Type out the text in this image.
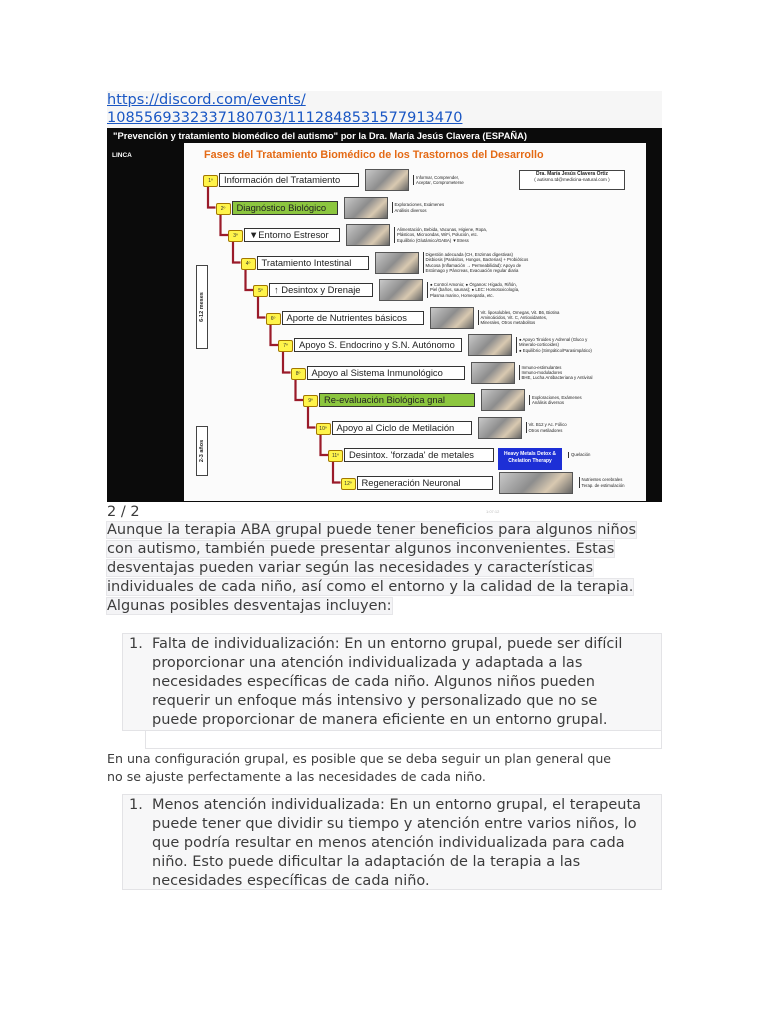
https://discord.com/events/
1085569332337180703/1112848531577913470
"Prevención y tratamiento biomédico del autismo" por la Dra. María Jesús Clavera (ESPAÑA)
LINCA	Fases del Tratamiento Biomédico de los Trastornos del Desarrollo
Dra. María Jesús Clavera Ortiz
( autismo.td@medicina-natural.com )
6-12 meses
2-3 años
1º	Información del Tratamiento	Informar, Comprender,
Aceptar, Comprometerse
2º	Diagnóstico Biológico	Exploraciones, Exámenes
Análisis diversos
3º	▼Entorno Estresor	Alimentación, Bebida, Vacunas, Higiene, Ropa,
Plásticos, Microondas, WiFi, Polución, etc.
Equilibrio (Glutámico/GABA) ▼Stress
4º	Tratamiento Intestinal
Digestión adecuada (CH, Enzimas digestivas)
Disbiosis (Parásitos, Hongos, Bacterias) + Probióticos
Mucosa (Inflamación → Permeabilidad): Apoyo de
Estómago y Páncreas, Evacuación regular diaria
5º	↑ Desintox y Drenaje	● Control Amonio; ● Órganos: Hígado, Riñón,
Piel (baños, saunas); ● LEC: Homotoxicología,
Plasma marino, Homeopatía, etc.
6º	Aporte de Nutrientes básicos	Vit. liposolubles, Omegas, Vit. B6, Biotina
Aminoácidos, Vit. C, Antioxidantes,
Minerales, Otros metabolitos
7º	Apoyo S. Endocrino y S.N. Autónomo	● Apoyo Tiroides y Adrenal (Gluco y
Mineralo-corticoides)
● Equilibrio (Simpático/Parasimpático)
8º	Apoyo al Sistema Inmunológico	Inmuno-estimulantes
Inmuno-moduladores
BHE, Lucha Antibacteriana y Antiviral
9º	Re-evaluación Biológica gnal	Exploraciones, Exámenes
Análisis diversos
10º	Apoyo al Ciclo de Metilación	Vit. B12 y Ac. Fólico
Otros metiladores
11º	Desintox. 'forzada' de metales	Quelación
12º	Regeneración Neuronal	Nutrientes cerebrales
Terap. de estimulación
Heavy Metals Detox & Chelation Therapy
1:07:12
2 / 2
Aunque la terapia ABA grupal puede tener beneficios para algunos niños
con autismo, también puede presentar algunos inconvenientes. Estas
desventajas pueden variar según las necesidades y características
individuales de cada niño, así como el entorno y la calidad de la terapia.
Algunas posibles desventajas incluyen:
1. Falta de individualización: En un entorno grupal, puede ser difícil
proporcionar una atención individualizada y adaptada a las
necesidades específicas de cada niño. Algunos niños pueden
requerir un enfoque más intensivo y personalizado que no se
puede proporcionar de manera eficiente en un entorno grupal.
En una configuración grupal, es posible que se deba seguir un plan general que
no se ajuste perfectamente a las necesidades de cada niño.
1. Menos atención individualizada: En un entorno grupal, el terapeuta
puede tener que dividir su tiempo y atención entre varios niños, lo
que podría resultar en menos atención individualizada para cada
niño. Esto puede dificultar la adaptación de la terapia a las
necesidades específicas de cada niño.
